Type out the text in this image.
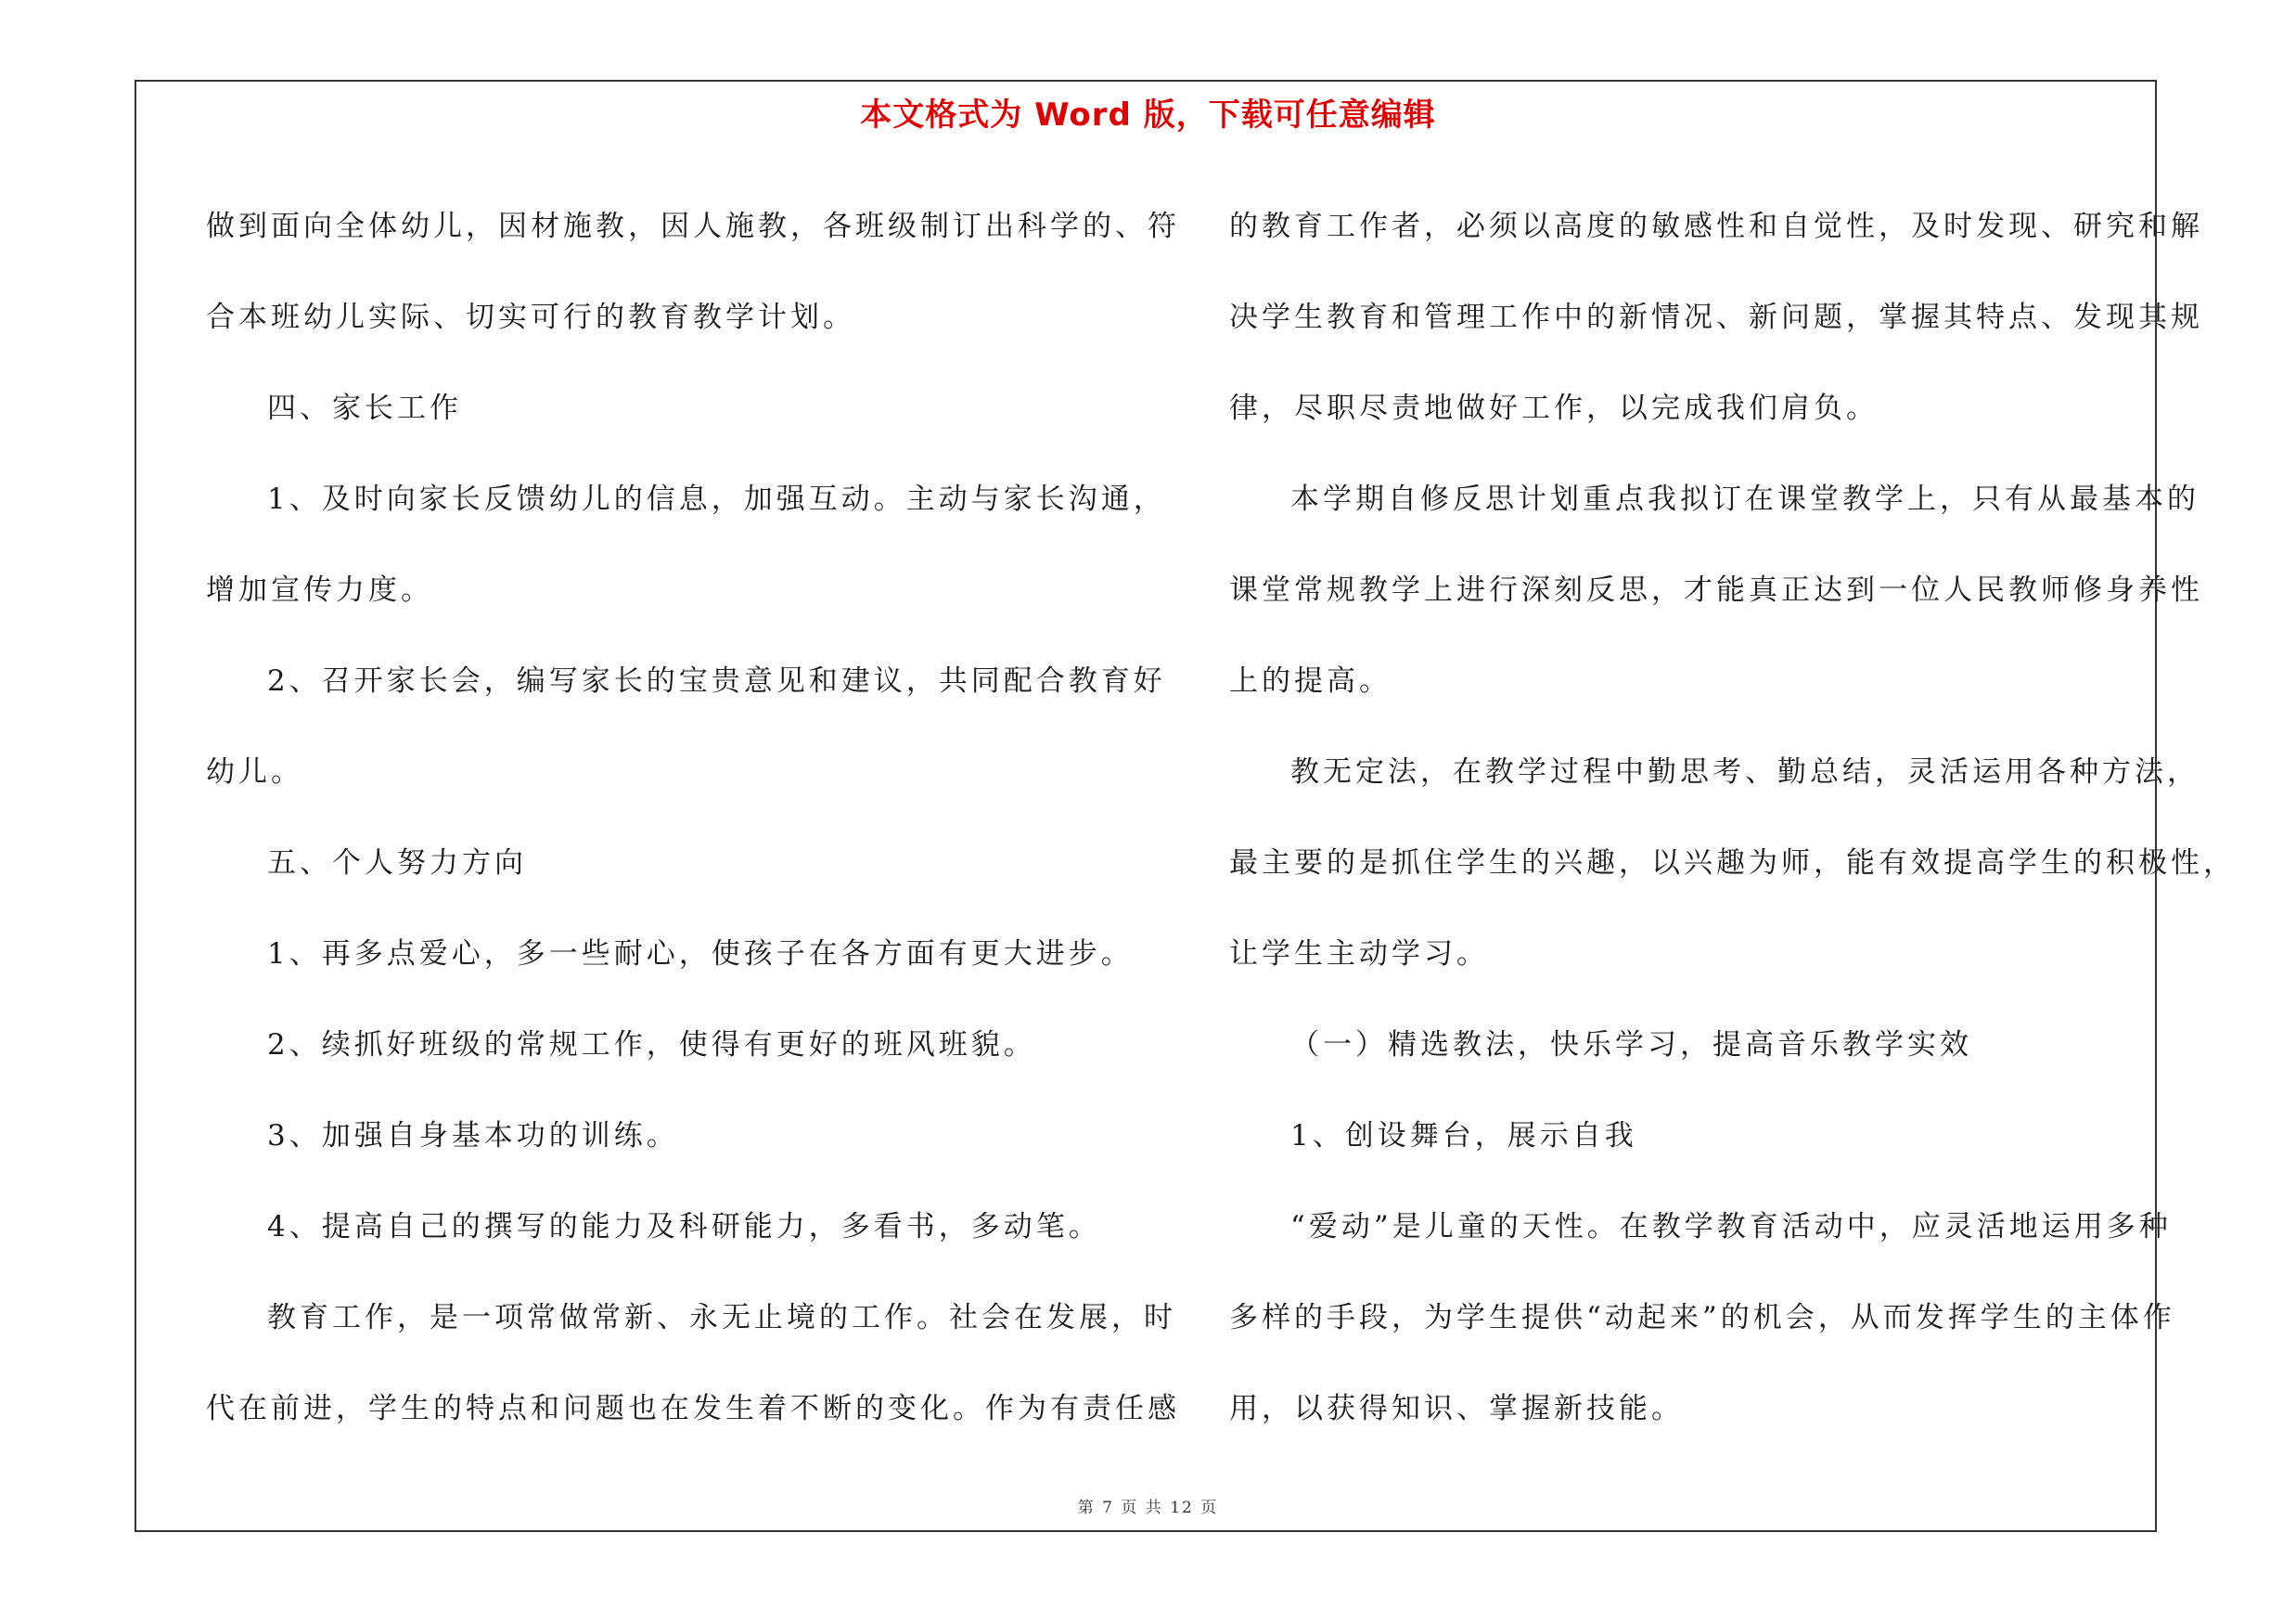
本文格式为 Word 版，下载可任意编辑

做到面向全体幼儿，因材施教，因人施教，各班级制订出科学的、符

合本班幼儿实际、切实可行的教育教学计划。

四、家长工作

1、及时向家长反馈幼儿的信息，加强互动。主动与家长沟通，

增加宣传力度。

2、召开家长会，编写家长的宝贵意见和建议，共同配合教育好

幼儿。

五、个人努力方向

1、再多点爱心，多一些耐心，使孩子在各方面有更大进步。

2、续抓好班级的常规工作，使得有更好的班风班貌。

3、加强自身基本功的训练。

4、提高自己的撰写的能力及科研能力，多看书，多动笔。

教育工作，是一项常做常新、永无止境的工作。社会在发展，时

代在前进，学生的特点和问题也在发生着不断的变化。作为有责任感

的教育工作者，必须以高度的敏感性和自觉性，及时发现、研究和解

决学生教育和管理工作中的新情况、新问题，掌握其特点、发现其规

律，尽职尽责地做好工作，以完成我们肩负。

本学期自修反思计划重点我拟订在课堂教学上，只有从最基本的

课堂常规教学上进行深刻反思，才能真正达到一位人民教师修身养性

上的提高。

教无定法，在教学过程中勤思考、勤总结，灵活运用各种方法，

最主要的是抓住学生的兴趣，以兴趣为师，能有效提高学生的积极性，

让学生主动学习。

（一）精选教法，快乐学习，提高音乐教学实效

1、创设舞台，展示自我

“爱动”是儿童的天性。在教学教育活动中，应灵活地运用多种

多样的手段，为学生提供“动起来”的机会，从而发挥学生的主体作

用，以获得知识、掌握新技能。

第 7 页 共 12 页
